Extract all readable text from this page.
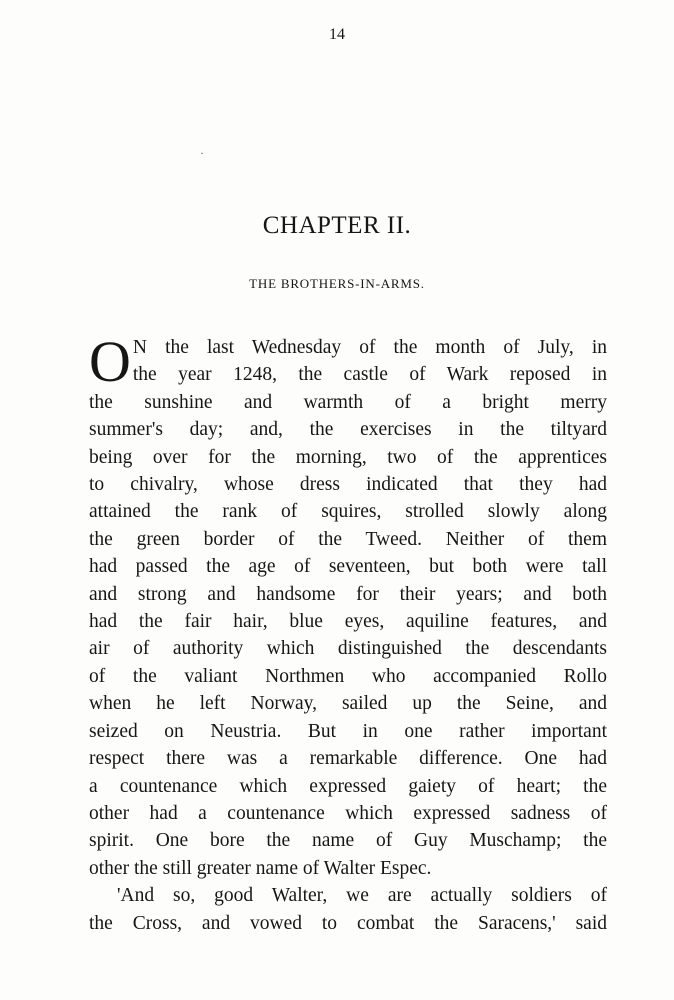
14
·
CHAPTER II.
THE BROTHERS-IN-ARMS.
O N the last Wednesday of the month of July, in
the year 1248, the castle of Wark reposed in
the sunshine and warmth of a bright merry
summer's day; and, the exercises in the tiltyard
being over for the morning, two of the apprentices
to chivalry, whose dress indicated that they had
attained the rank of squires, strolled slowly along
the green border of the Tweed. Neither of them
had passed the age of seventeen, but both were tall
and strong and handsome for their years; and both
had the fair hair, blue eyes, aquiline features, and
air of authority which distinguished the descendants
of the valiant Northmen who accompanied Rollo
when he left Norway, sailed up the Seine, and
seized on Neustria. But in one rather important
respect there was a remarkable difference. One had
a countenance which expressed gaiety of heart; the
other had a countenance which expressed sadness of
spirit. One bore the name of Guy Muschamp; the
other the still greater name of Walter Espec.
'And so, good Walter, we are actually soldiers of
the Cross, and vowed to combat the Saracens,' said
